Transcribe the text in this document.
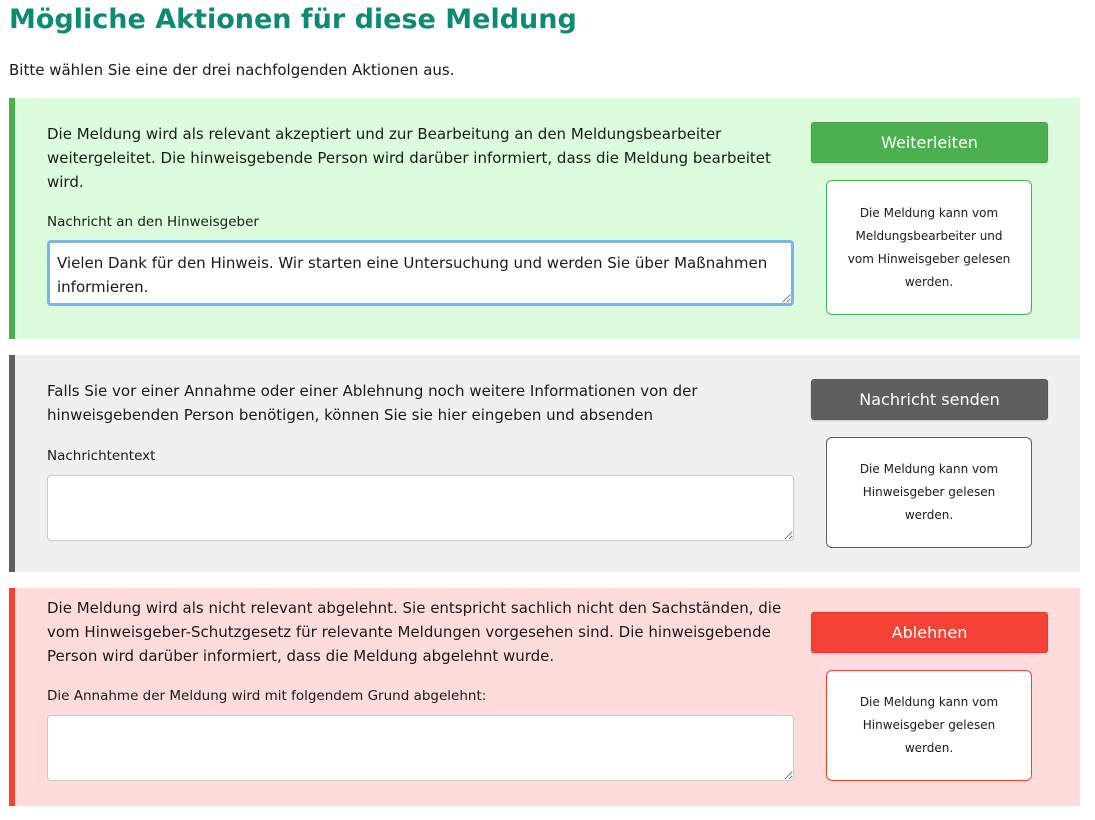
Mögliche Aktionen für diese Meldung

Bitte wählen Sie eine der drei nachfolgenden Aktionen aus.

Die Meldung wird als relevant akzeptiert und zur Bearbeitung an den Meldungsbearbeiter weitergeleitet. Die hinweisgebende Person wird darüber informiert, dass die Meldung bearbeitet wird.

Nachricht an den Hinweisgeber
Vielen Dank für den Hinweis. Wir starten eine Untersuchung und werden Sie über Maßnahmen informieren.
Weiterleiten
Die Meldung kann vom Meldungsbearbeiter und vom Hinweisgeber gelesen werden.

Falls Sie vor einer Annahme oder einer Ablehnung noch weitere Informationen von der hinweisgebenden Person benötigen, können Sie sie hier eingeben und absenden

Nachrichtentext
Nachricht senden
Die Meldung kann vom Hinweisgeber gelesen werden.

Die Meldung wird als nicht relevant abgelehnt. Sie entspricht sachlich nicht den Sachständen, die vom Hinweisgeber-Schutzgesetz für relevante Meldungen vorgesehen sind. Die hinweisgebende Person wird darüber informiert, dass die Meldung abgelehnt wurde.

Die Annahme der Meldung wird mit folgendem Grund abgelehnt:
Ablehnen
Die Meldung kann vom Hinweisgeber gelesen werden.
